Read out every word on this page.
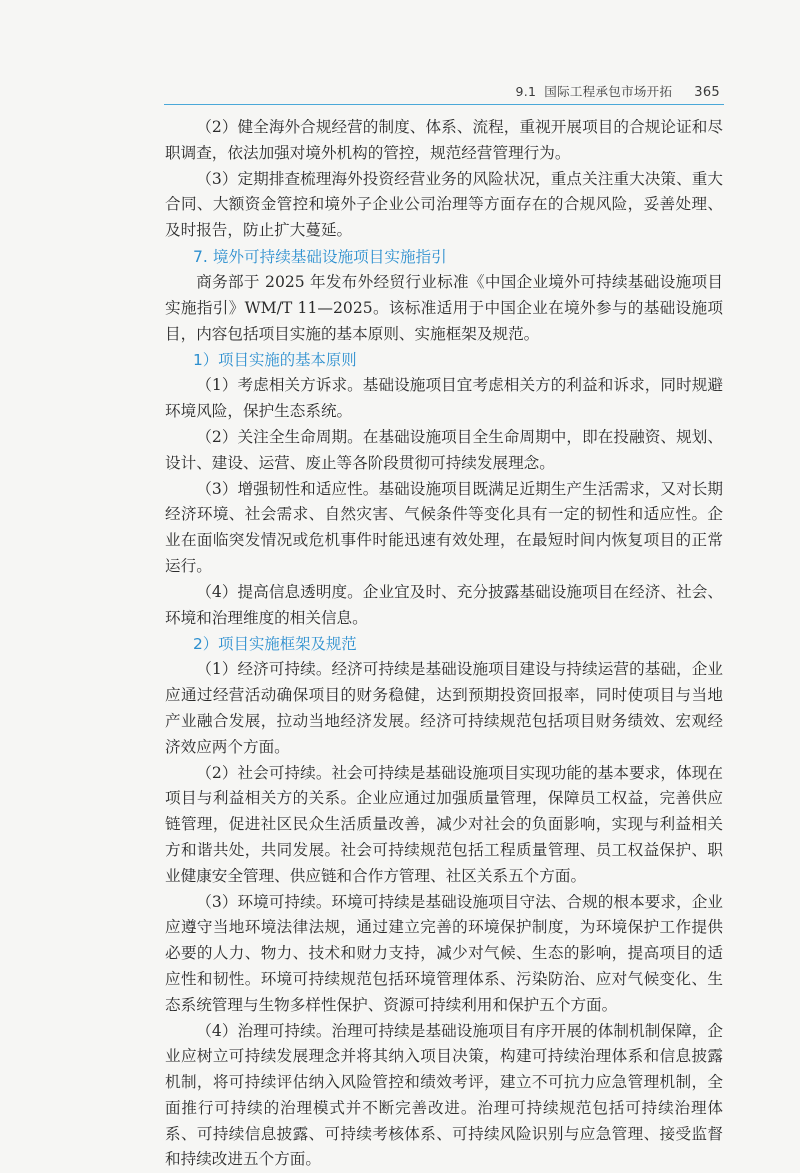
9.1 国际工程承包市场开拓 365

（2）健全海外合规经营的制度、体系、流程，重视开展项目的合规论证和尽职调查，依法加强对境外机构的管控，规范经营管理行为。

（3）定期排查梳理海外投资经营业务的风险状况，重点关注重大决策、重大合同、大额资金管控和境外子企业公司治理等方面存在的合规风险，妥善处理、及时报告，防止扩大蔓延。

7. 境外可持续基础设施项目实施指引

商务部于 2025 年发布外经贸行业标准《中国企业境外可持续基础设施项目实施指引》WM/T 11—2025。该标准适用于中国企业在境外参与的基础设施项目，内容包括项目实施的基本原则、实施框架及规范。

1）项目实施的基本原则

（1）考虑相关方诉求。基础设施项目宜考虑相关方的利益和诉求，同时规避环境风险，保护生态系统。

（2）关注全生命周期。在基础设施项目全生命周期中，即在投融资、规划、设计、建设、运营、废止等各阶段贯彻可持续发展理念。

（3）增强韧性和适应性。基础设施项目既满足近期生产生活需求，又对长期经济环境、社会需求、自然灾害、气候条件等变化具有一定的韧性和适应性。企业在面临突发情况或危机事件时能迅速有效处理，在最短时间内恢复项目的正常运行。

（4）提高信息透明度。企业宜及时、充分披露基础设施项目在经济、社会、环境和治理维度的相关信息。

2）项目实施框架及规范

（1）经济可持续。经济可持续是基础设施项目建设与持续运营的基础，企业应通过经营活动确保项目的财务稳健，达到预期投资回报率，同时使项目与当地产业融合发展，拉动当地经济发展。经济可持续规范包括项目财务绩效、宏观经济效应两个方面。

（2）社会可持续。社会可持续是基础设施项目实现功能的基本要求，体现在项目与利益相关方的关系。企业应通过加强质量管理，保障员工权益，完善供应链管理，促进社区民众生活质量改善，减少对社会的负面影响，实现与利益相关方和谐共处，共同发展。社会可持续规范包括工程质量管理、员工权益保护、职业健康安全管理、供应链和合作方管理、社区关系五个方面。

（3）环境可持续。环境可持续是基础设施项目守法、合规的根本要求，企业应遵守当地环境法律法规，通过建立完善的环境保护制度，为环境保护工作提供必要的人力、物力、技术和财力支持，减少对气候、生态的影响，提高项目的适应性和韧性。环境可持续规范包括环境管理体系、污染防治、应对气候变化、生态系统管理与生物多样性保护、资源可持续利用和保护五个方面。

（4）治理可持续。治理可持续是基础设施项目有序开展的体制机制保障，企业应树立可持续发展理念并将其纳入项目决策，构建可持续治理体系和信息披露机制，将可持续评估纳入风险管控和绩效考评，建立不可抗力应急管理机制，全面推行可持续的治理模式并不断完善改进。治理可持续规范包括可持续治理体系、可持续信息披露、可持续考核体系、可持续风险识别与应急管理、接受监督和持续改进五个方面。
